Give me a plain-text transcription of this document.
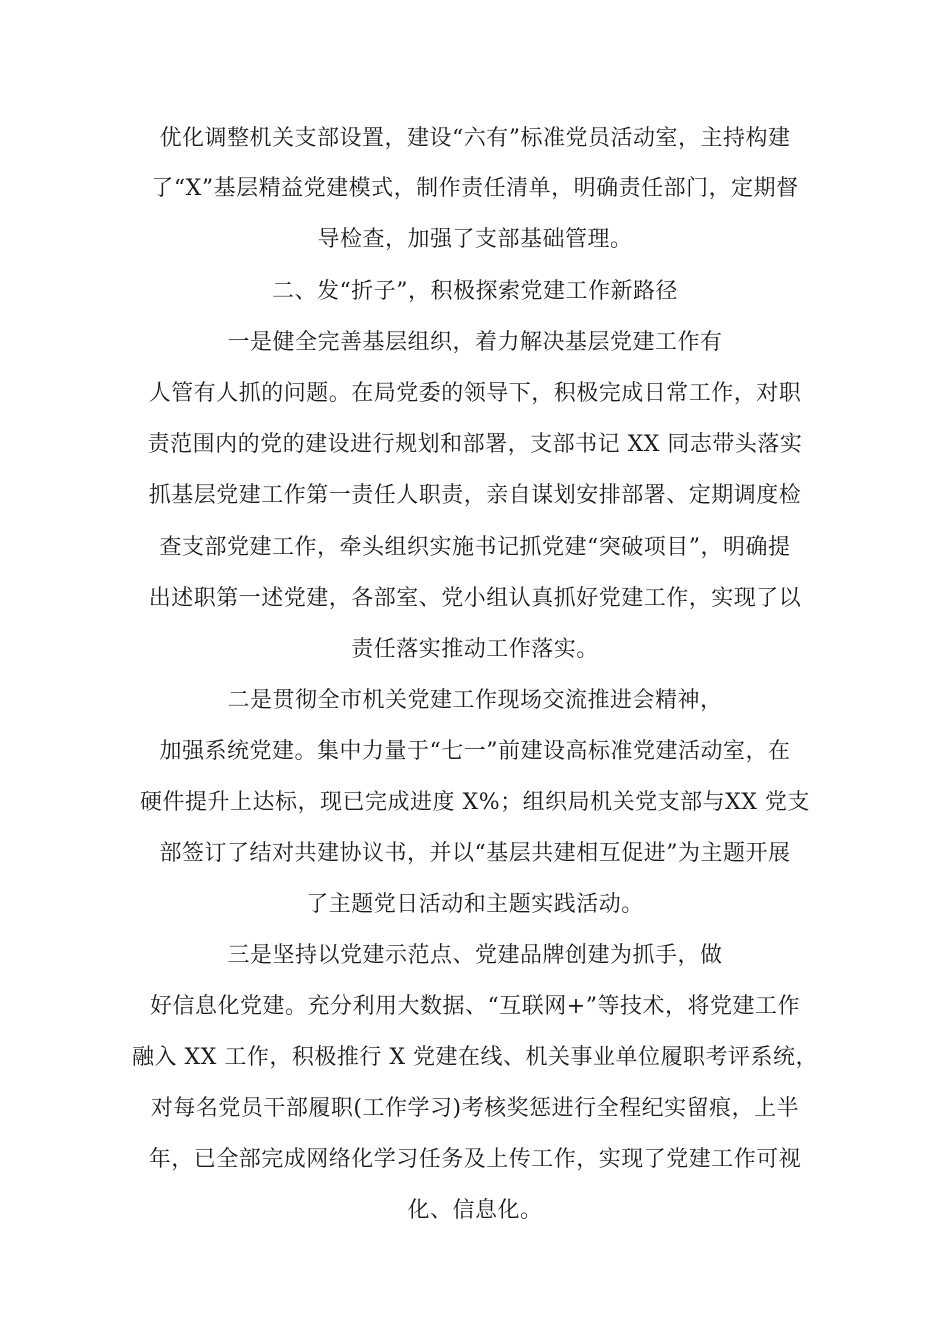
优化调整机关支部设置，建设“六有”标准党员活动室，主持构建
了“X”基层精益党建模式，制作责任清单，明确责任部门，定期督
导检查，加强了支部基础管理。
二、发“折子”，积极探索党建工作新路径
一是健全完善基层组织，着力解决基层党建工作有
人管有人抓的问题。在局党委的领导下，积极完成日常工作，对职
责范围内的党的建设进行规划和部署，支部书记 XX 同志带头落实
抓基层党建工作第一责任人职责，亲自谋划安排部署、定期调度检
查支部党建工作，牵头组织实施书记抓党建“突破项目”，明确提
出述职第一述党建，各部室、党小组认真抓好党建工作，实现了以
责任落实推动工作落实。
二是贯彻全市机关党建工作现场交流推进会精神，
加强系统党建。集中力量于“七一”前建设高标准党建活动室，在
硬件提升上达标，现已完成进度 X%；组织局机关党支部与XX 党支
部签订了结对共建协议书，并以“基层共建相互促进”为主题开展
了主题党日活动和主题实践活动。
三是坚持以党建示范点、党建品牌创建为抓手，做
好信息化党建。充分利用大数据、“互联网+”等技术，将党建工作
融入 XX 工作，积极推行 X 党建在线、机关事业单位履职考评系统，
对每名党员干部履职(工作学习)考核奖惩进行全程纪实留痕，上半
年，已全部完成网络化学习任务及上传工作，实现了党建工作可视
化、信息化。
